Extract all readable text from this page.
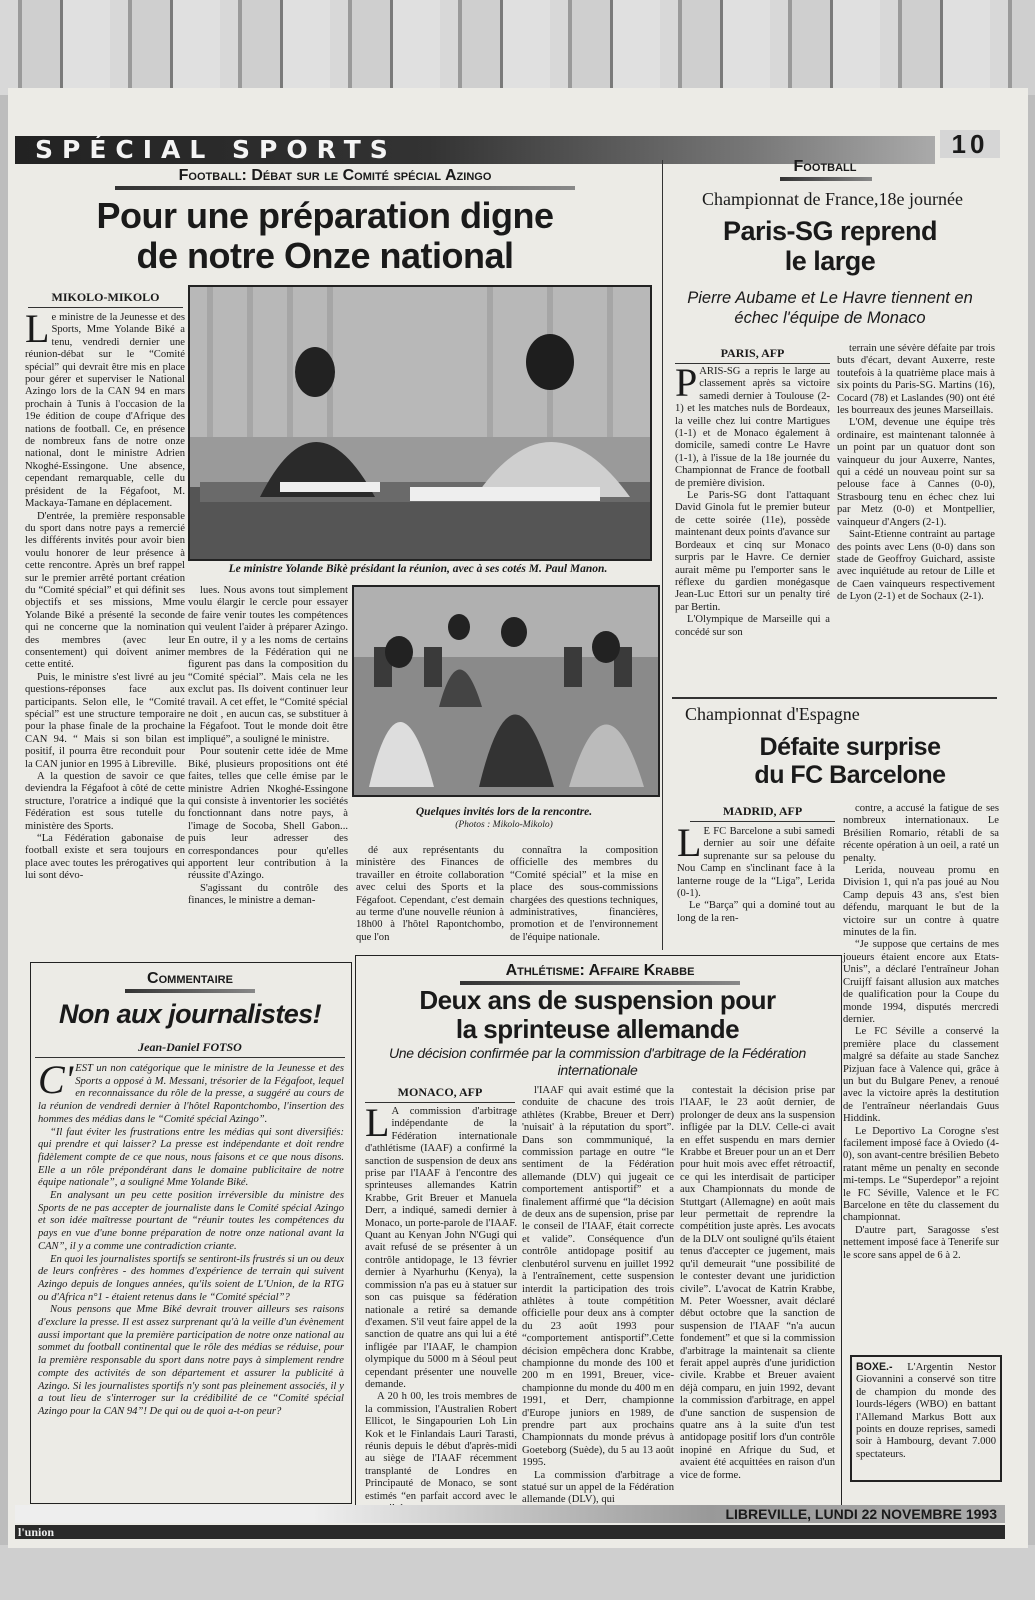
SPÉCIAL SPORTS	10
Football: Débat sur le Comité spécial Azingo
Pour une préparation digne
de notre Onze national
MIKOLO-MIKOLO

Le ministre de la Jeunesse et des Sports, Mme Yolande Biké a tenu, vendredi dernier une réunion-débat sur le “Comité spécial” qui devrait être mis en place pour gérer et superviser le National Azingo lors de la CAN 94 en mars prochain à Tunis à l'occasion de la 19e édition de coupe d'Afrique des nations de football. Ce, en présence de nombreux fans de notre onze national, dont le ministre Adrien Nkoghé-Essingone. Une absence, cependant remarquable, celle du président de la Fégafoot, M. Mackaya-Tamane en déplacement.

D'entrée, la première responsable du sport dans notre pays a remercié les différents invités pour avoir bien voulu honorer de leur présence à cette rencontre. Après un bref rappel sur le premier arrêté portant création du “Comité spécial” et qui définit ses objectifs et ses missions, Mme Yolande Biké a présenté la seconde qui ne concerne que la nomination des membres (avec leur consentement) qui doivent animer cette entité.

Puis, le ministre s'est livré au jeu questions-réponses face aux participants. Selon elle, le “Comité spécial” est une structure temporaire pour la phase finale de la prochaine CAN 94. “ Mais si son bilan est positif, il pourra être reconduit pour la CAN junior en 1995 à Libreville.

A la question de savoir ce que deviendra la Fégafoot à côté de cette structure, l'oratrice a indiqué que la Fédération est sous tutelle du ministère des Sports.

“La Fédération gabonaise de football existe et sera toujours en place avec toutes les prérogatives qui lui sont dévo-

Le ministre Yolande Bikè présidant la réunion, avec à ses cotés M. Paul Manon.

lues. Nous avons tout simplement voulu élargir le cercle pour essayer de faire venir toutes les compétences qui veulent l'aider à préparer Azingo. En outre, il y a les noms de certains membres de la Fédération qui ne figurent pas dans la composition du “Comité spécial”. Mais cela ne les exclut pas. Ils doivent continuer leur travail. A cet effet, le “Comité spécial ne doit , en aucun cas, se substituer à la Fégafoot. Tout le monde doit être impliqué”, a souligné le ministre.

Pour soutenir cette idée de Mme Biké, plusieurs propositions ont été faites, telles que celle émise par le ministre Adrien Nkoghé-Essingone qui consiste à inventorier les sociétés fonctionnant dans notre pays, à l'image de Socoba, Shell Gabon... puis leur adresser des correspondances pour qu'elles apportent leur contribution à la réussite d'Azingo.

S'agissant du contrôle des finances, le ministre a deman-

Quelques invités lors de la rencontre.
(Photos : Mikolo-Mikolo)

dé aux représentants du ministère des Finances de travailler en étroite collaboration avec celui des Sports et la Fégafoot. Cependant, c'est demain au terme d'une nouvelle réunion à 18h00 à l'hôtel Rapontchombo, que l'on

connaîtra la composition officielle des membres du “Comité spécial” et la mise en place des sous-commissions chargées des questions techniques, administratives, financières, promotion et de l'environnement de l'équipe nationale.

Football
Championnat de France,18e journée
Paris-SG reprend
le large
Pierre Aubame et Le Havre tiennent en échec l'équipe de Monaco
PARIS, AFP

PARIS-SG a repris le large au classement après sa victoire samedi dernier à Toulouse (2-1) et les matches nuls de Bordeaux, la veille chez lui contre Martigues (1-1) et de Monaco également à domicile, samedi contre Le Havre (1-1), à l'issue de la 18e journée du Championnat de France de football de première division.

Le Paris-SG dont l'attaquant David Ginola fut le premier buteur de cette soirée (11e), possède maintenant deux points d'avance sur Bordeaux et cinq sur Monaco surpris par le Havre. Ce dernier aurait même pu l'emporter sans le réflexe du gardien monégasque Jean-Luc Ettori sur un penalty tiré par Bertin.

L'Olympique de Marseille qui a concédé sur son

terrain une sévère défaite par trois buts d'écart, devant Auxerre, reste toutefois à la quatrième place mais à six points du Paris-SG. Martins (16), Cocard (78) et Laslandes (90) ont été les bourreaux des jeunes Marseillais.

L'OM, devenue une équipe très ordinaire, est maintenant talonnée à un point par un quatuor dont son vainqueur du jour Auxerre, Nantes, qui a cédé un nouveau point sur sa pelouse face à Cannes (0-0), Strasbourg tenu en échec chez lui par Metz (0-0) et Montpellier, vainqueur d'Angers (2-1).

Saint-Etienne contraint au partage des points avec Lens (0-0) dans son stade de Geoffroy Guichard, assiste avec inquiétude au retour de Lille et de Caen vainqueurs respectivement de Lyon (2-1) et de Sochaux (2-1).

Championnat d'Espagne
Défaite surprise
du FC Barcelone
MADRID, AFP

LE FC Barcelone a subi samedi dernier au soir une défaite suprenante sur sa pelouse du Nou Camp en s'inclinant face à la lanterne rouge de la “Liga”, Lerida (0-1).

Le “Barça” qui a dominé tout au long de la ren-

contre, a accusé la fatigue de ses nombreux internationaux. Le Brésilien Romario, rétabli de sa récente opération à un oeil, a raté un penalty.

Lerida, nouveau promu en Division 1, qui n'a pas joué au Nou Camp depuis 43 ans, s'est bien défendu, marquant le but de la victoire sur un contre à quatre minutes de la fin.

“Je suppose que certains de mes joueurs étaient encore aux Etats-Unis”, a déclaré l'entraîneur Johan Cruijff faisant allusion aux matches de qualification pour la Coupe du monde 1994, disputés mercredi dernier.

Le FC Séville a conservé la première place du classement malgré sa défaite au stade Sanchez Pizjuan face à Valence qui, grâce à un but du Bulgare Penev, a renoué avec la victoire après la destitution de l'entraîneur néerlandais Guus Hiddink.

Le Deportivo La Corogne s'est facilement imposé face à Oviedo (4-0), son avant-centre brésilien Bebeto ratant même un penalty en seconde mi-temps. Le “Superdepor” a rejoint le FC Séville, Valence et le FC Barcelone en tête du classement du championnat.

D'autre part, Saragosse s'est nettement imposé face à Tenerife sur le score sans appel de 6 à 2.

BOXE.- L'Argentin Nestor Giovannini a conservé son titre de champion du monde des lourds-légers (WBO) en battant l'Allemand Markus Bott aux points en douze reprises, samedi soir à Hambourg, devant 7.000 spectateurs.
Commentaire
Non aux journalistes!
Jean-Daniel FOTSO

C'EST un non catégorique que le ministre de la Jeunesse et des Sports a opposé à M. Messani, trésorier de la Fégafoot, lequel en reconnaissance du rôle de la presse, a suggéré au cours de la réunion de vendredi dernier à l'hôtel Rapontchombo, l'insertion des hommes des médias dans le “Comité spécial Azingo”.

“Il faut éviter les frustrations entre les médias qui sont diversifiés: qui prendre et qui laisser? La presse est indépendante et doit rendre fidèlement compte de ce que nous, nous faisons et ce que nous disons. Elle a un rôle prépondérant dans le domaine publicitaire de notre équipe nationale”, a souligné Mme Yolande Biké.

En analysant un peu cette position irréversible du ministre des Sports de ne pas accepter de journaliste dans le Comité spécial Azingo et son idée maîtresse pourtant de “réunir toutes les compétences du pays en vue d'une bonne préparation de notre onze national avant la CAN”, il y a comme une contradiction criante.

En quoi les journalistes sportifs se sentiront-ils frustrés si un ou deux de leurs confrères - des hommes d'expérience de terrain qui suivent Azingo depuis de longues années, qu'ils soient de L'Union, de la RTG ou d'Africa n°1 - étaient retenus dans le “Comité spécial”?

Nous pensons que Mme Biké devrait trouver ailleurs ses raisons d'exclure la presse. Il est assez surprenant qu'à la veille d'un évènement aussi important que la première participation de notre onze national au sommet du football continental que le rôle des médias se réduise, pour la première responsable du sport dans notre pays à simplement rendre compte des activités de son département et assurer la publicité à Azingo. Si les journalistes sportifs n'y sont pas pleinement associés, il y a tout lieu de s'interroger sur la crédibilité de ce “Comité spécial Azingo pour la CAN 94”! De qui ou de quoi a-t-on peur?

Athlétisme: Affaire Krabbe
Deux ans de suspension pour
la sprinteuse allemande
Une décision confirmée par la commission d'arbitrage de la Fédération internationale
MONACO, AFP

LA commission d'arbitrage indépendante de la Fédération internationale d'athlétisme (IAAF) a confirmé la sanction de suspension de deux ans prise par l'IAAF à l'encontre des sprinteuses allemandes Katrin Krabbe, Grit Breuer et Manuela Derr, a indiqué, samedi dernier à Monaco, un porte-parole de l'IAAF. Quant au Kenyan John N'Gugi qui avait refusé de se présenter à un contrôle antidopage, le 13 février dernier à Nyarhurhu (Kenya), la commission n'a pas eu à statuer sur son cas puisque sa fédération nationale a retiré sa demande d'examen. S'il veut faire appel de la sanction de quatre ans qui lui a été infligée par l'IAAF, le champion olympique du 5000 m à Séoul peut cependant présenter une nouvelle demande.

A 20 h 00, les trois membres de la commission, l'Australien Robert Ellicot, le Singapourien Loh Lin Kok et le Finlandais Lauri Tarasti, réunis depuis le début d'après-midi au siège de l'IAAF récemment transplanté de Londres en Principauté de Monaco, se sont estimés “en parfait accord avec le

l'IAAF qui avait estimé que la conduite de chacune des trois athlètes (Krabbe, Breuer et Derr) 'nuisait' à la réputation du sport”. Dans son commmuniqué, la commission partage en outre “le sentiment de la Fédération allemande (DLV) qui jugeait ce comportement antisportif” et a finalement affirmé que “la décision de deux ans de supension, prise par le conseil de l'IAAF, était correcte et valide”. Conséquence d'un contrôle antidopage positif au clenbutérol survenu en juillet 1992 à l'entraînement, cette suspension interdit la participation des trois athlètes à toute compétition officielle pour deux ans à compter du 23 août 1993 pour “comportement antisportif”.Cette décision empêchera donc Krabbe, championne du monde des 100 et 200 m en 1991, Breuer, vice-championne du monde du 400 m en 1991, et Derr, championne d'Europe juniors en 1989, de prendre part aux prochains Championnats du monde prévus à Goeteborg (Suède), du 5 au 13 août 1995.

La commission d'arbitrage a statué sur un appel de la Fédération allemande (DLV), qui

contestait la décision prise par l'IAAF, le 23 août dernier, de prolonger de deux ans la suspension infligée par la DLV. Celle-ci avait en effet suspendu en mars dernier Krabbe et Breuer pour un an et Derr pour huit mois avec effet rétroactif, ce qui les interdisait de participer aux Championnats du monde de Stuttgart (Allemagne) en août mais leur permettait de reprendre la compétition juste après. Les avocats de la DLV ont souligné qu'ils étaient tenus d'accepter ce jugement, mais qu'il demeurait “une possibilité de le contester devant une juridiction civile”. L'avocat de Katrin Krabbe, M. Peter Woessner, avait déclaré début octobre que la sanction de suspension de l'IAAF “n'a aucun fondement” et que si la commission d'arbitrage la maintenait sa cliente ferait appel auprès d'une juridiction civile. Krabbe et Breuer avaient déjà comparu, en juin 1992, devant la commission d'arbitrage, en appel d'une sanction de suspension de quatre ans à la suite d'un test antidopage positif lors d'un contrôle inopiné en Afrique du Sud, et avaient été acquittées en raison d'un vice de forme.

LIBREVILLE, LUNDI 22 NOVEMBRE 1993
l'union
